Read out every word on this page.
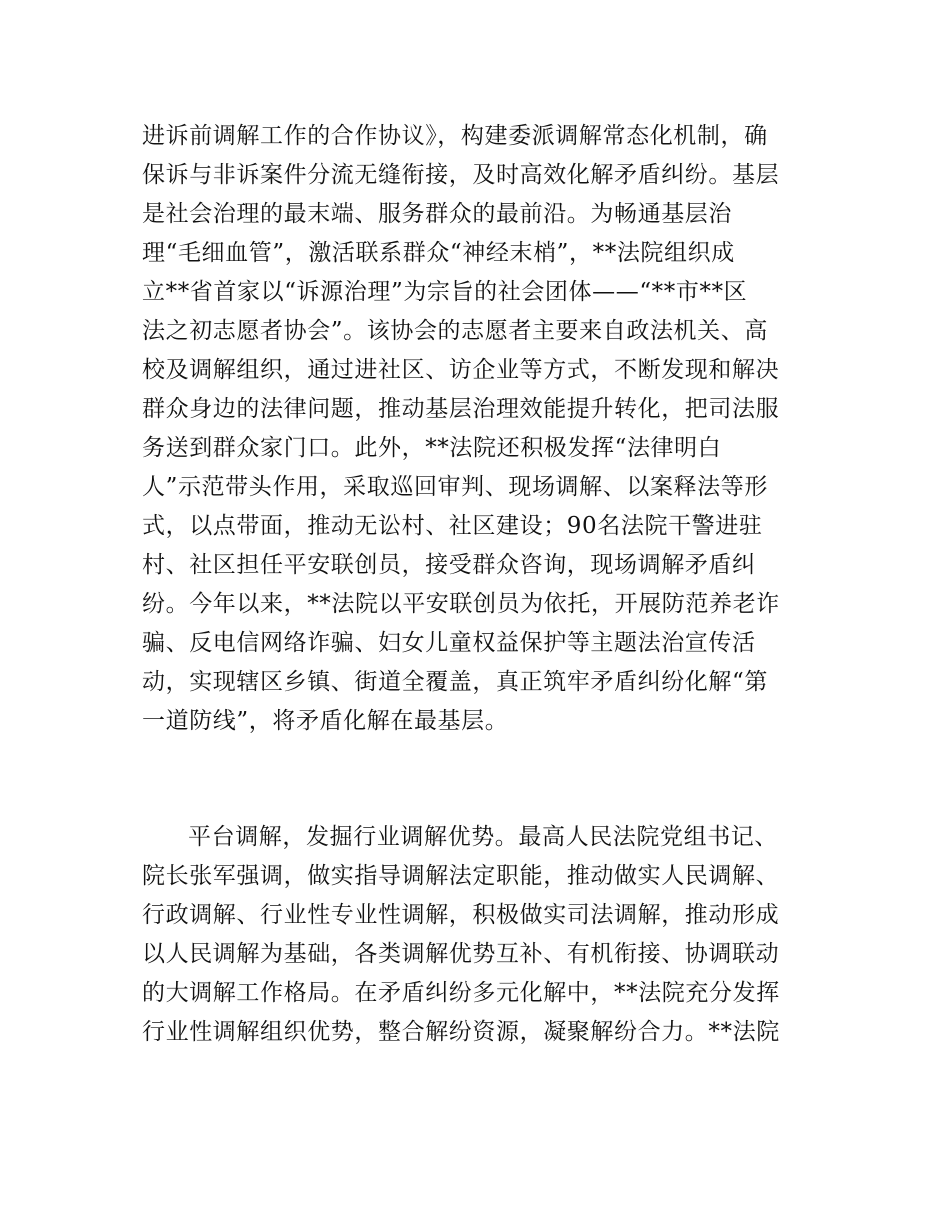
进诉前调解工作的合作协议》，构建委派调解常态化机制，确
保诉与非诉案件分流无缝衔接，及时高效化解矛盾纠纷。基层
是社会治理的最末端、服务群众的最前沿。为畅通基层治
理“毛细血管”，激活联系群众“神经末梢”，**法院组织成
立**省首家以“诉源治理”为宗旨的社会团体——“**市**区
法之初志愿者协会”。该协会的志愿者主要来自政法机关、高
校及调解组织，通过进社区、访企业等方式，不断发现和解决
群众身边的法律问题，推动基层治理效能提升转化，把司法服
务送到群众家门口。此外，**法院还积极发挥“法律明白
人”示范带头作用，采取巡回审判、现场调解、以案释法等形
式，以点带面，推动无讼村、社区建设；90名法院干警进驻
村、社区担任平安联创员，接受群众咨询，现场调解矛盾纠
纷。今年以来，**法院以平安联创员为依托，开展防范养老诈
骗、反电信网络诈骗、妇女儿童权益保护等主题法治宣传活
动，实现辖区乡镇、街道全覆盖，真正筑牢矛盾纠纷化解“第
一道防线”，将矛盾化解在最基层。
平台调解，发掘行业调解优势。最高人民法院党组书记、
院长张军强调，做实指导调解法定职能，推动做实人民调解、
行政调解、行业性专业性调解，积极做实司法调解，推动形成
以人民调解为基础，各类调解优势互补、有机衔接、协调联动
的大调解工作格局。在矛盾纠纷多元化解中，**法院充分发挥
行业性调解组织优势，整合解纷资源，凝聚解纷合力。**法院
